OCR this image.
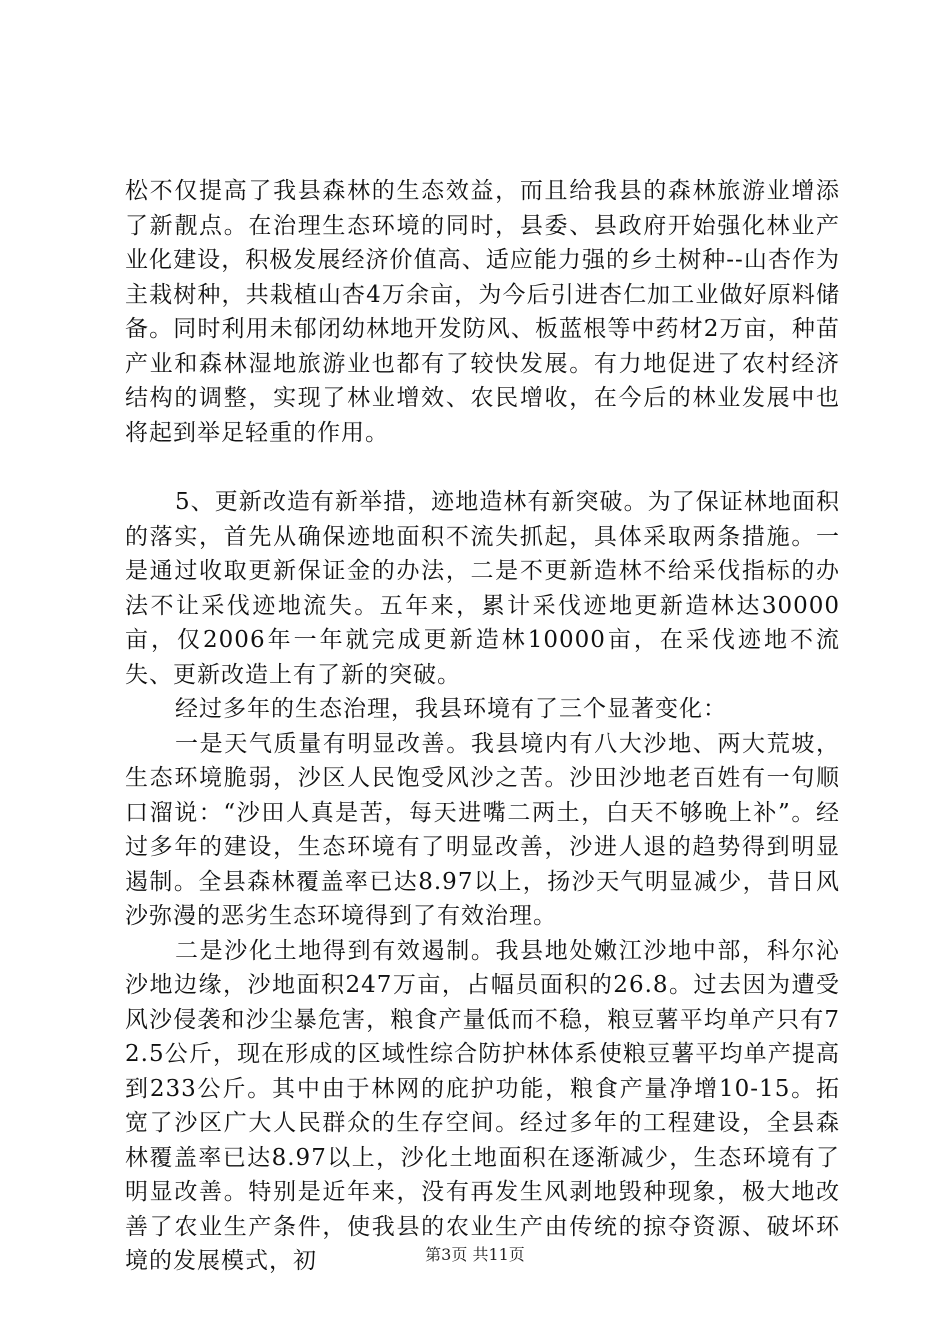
松不仅提高了我县森林的生态效益，而且给我县的森林旅游业增添了新靓点。在治理生态环境的同时，县委、县政府开始强化林业产业化建设，积极发展经济价值高、适应能力强的乡土树种--山杏作为主栽树种，共栽植山杏4万余亩，为今后引进杏仁加工业做好原料储备。同时利用未郁闭幼林地开发防风、板蓝根等中药材2万亩，种苗产业和森林湿地旅游业也都有了较快发展。有力地促进了农村经济结构的调整，实现了林业增效、农民增收，在今后的林业发展中也将起到举足轻重的作用。

5、更新改造有新举措，迹地造林有新突破。为了保证林地面积的落实，首先从确保迹地面积不流失抓起，具体采取两条措施。一是通过收取更新保证金的办法，二是不更新造林不给采伐指标的办法不让采伐迹地流失。五年来，累计采伐迹地更新造林达30000亩，仅2006年一年就完成更新造林10000亩，在采伐迹地不流失、更新改造上有了新的突破。

经过多年的生态治理，我县环境有了三个显著变化：

一是天气质量有明显改善。我县境内有八大沙地、两大荒坡，生态环境脆弱，沙区人民饱受风沙之苦。沙田沙地老百姓有一句顺口溜说：“沙田人真是苦，每天进嘴二两土，白天不够晚上补”。经过多年的建设，生态环境有了明显改善，沙进人退的趋势得到明显遏制。全县森林覆盖率已达8.97以上，扬沙天气明显减少，昔日风沙弥漫的恶劣生态环境得到了有效治理。

二是沙化土地得到有效遏制。我县地处嫩江沙地中部，科尔沁沙地边缘，沙地面积247万亩，占幅员面积的26.8。过去因为遭受风沙侵袭和沙尘暴危害，粮食产量低而不稳，粮豆薯平均单产只有72.5公斤，现在形成的区域性综合防护林体系使粮豆薯平均单产提高到233公斤。其中由于林网的庇护功能，粮食产量净增10-15。拓宽了沙区广大人民群众的生存空间。经过多年的工程建设，全县森林覆盖率已达8.97以上，沙化土地面积在逐渐减少，生态环境有了明显改善。特别是近年来，没有再发生风剥地毁种现象，极大地改善了农业生产条件，使我县的农业生产由传统的掠夺资源、破坏环境的发展模式，初	第3页 共11页
